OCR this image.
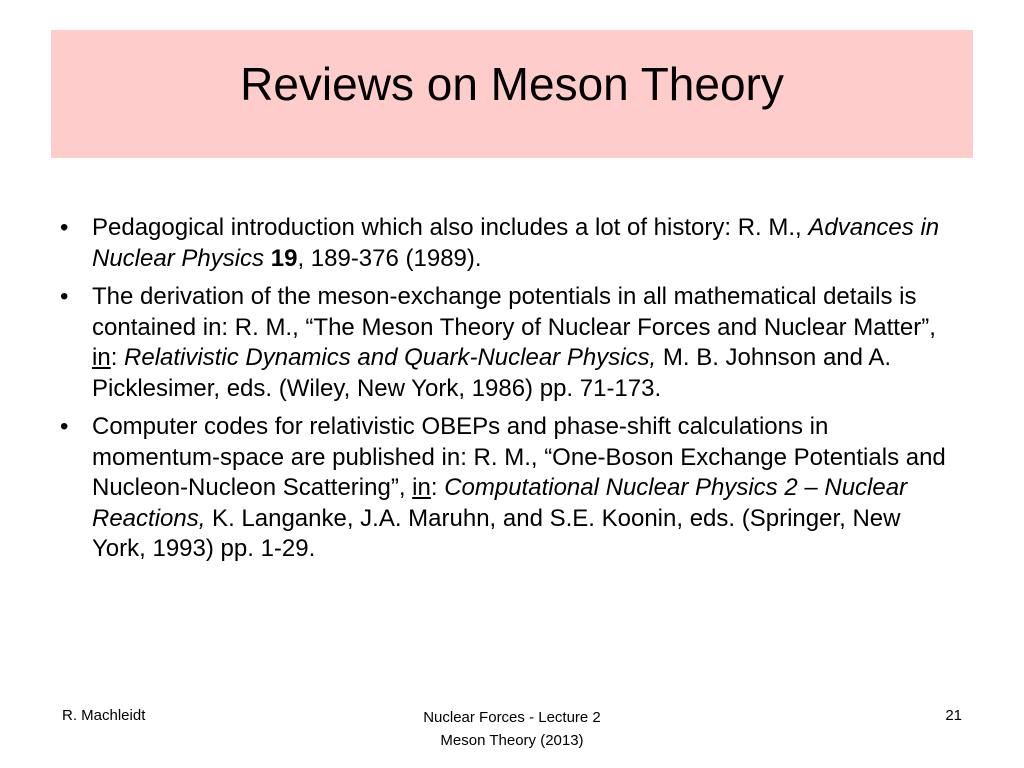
Reviews on Meson Theory
• Pedagogical introduction which also includes a lot of history: R. M., Advances in Nuclear Physics 19, 189-376 (1989).
• The derivation of the meson-exchange potentials in all mathematical details is contained in: R. M., “The Meson Theory of Nuclear Forces and Nuclear Matter”, in: Relativistic Dynamics and Quark-Nuclear Physics, M. B. Johnson and A. Picklesimer, eds. (Wiley, New York, 1986) pp. 71-173.
• Computer codes for relativistic OBEPs and phase-shift calculations in momentum-space are published in: R. M., “One-Boson Exchange Potentials and Nucleon-Nucleon Scattering”, in: Computational Nuclear Physics 2 – Nuclear Reactions, K. Langanke, J.A. Maruhn, and S.E. Koonin, eds. (Springer, New York, 1993) pp. 1-29.
R. Machleidt	Nuclear Forces - Lecture 2
Meson Theory (2013)
21
